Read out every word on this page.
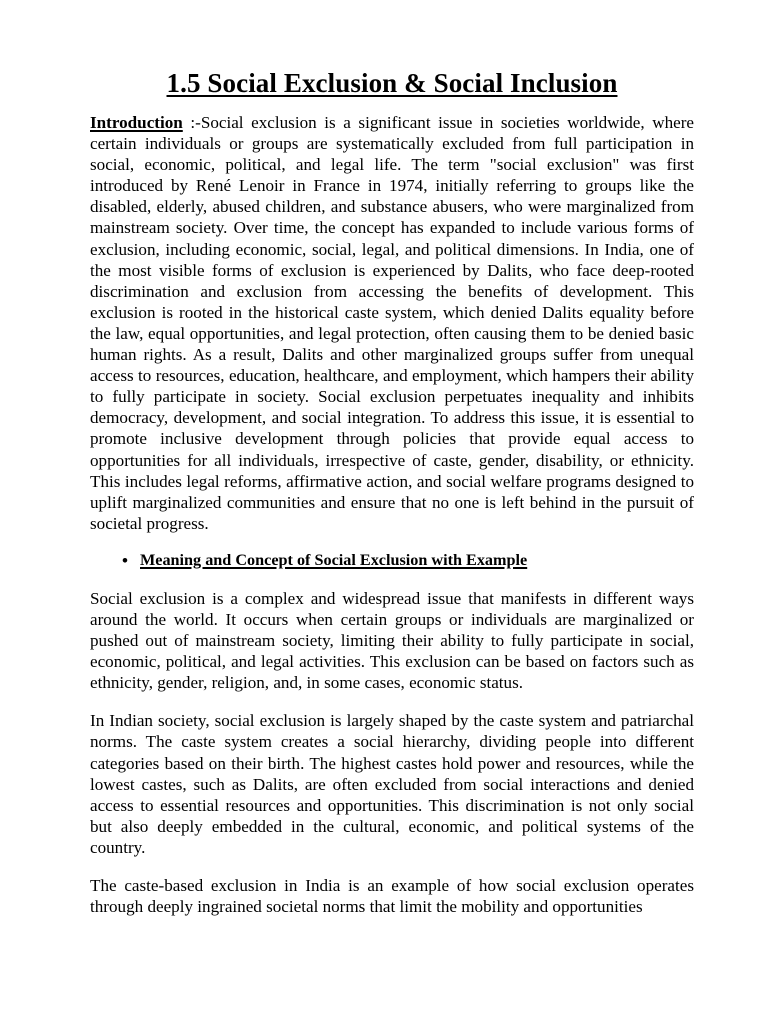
1.5 Social Exclusion & Social Inclusion

Introduction :-Social exclusion is a significant issue in societies worldwide, where certain individuals or groups are systematically excluded from full participation in social, economic, political, and legal life. The term "social exclusion" was first introduced by René Lenoir in France in 1974, initially referring to groups like the disabled, elderly, abused children, and substance abusers, who were marginalized from mainstream society. Over time, the concept has expanded to include various forms of exclusion, including economic, social, legal, and political dimensions. In India, one of the most visible forms of exclusion is experienced by Dalits, who face deep-rooted discrimination and exclusion from accessing the benefits of development. This exclusion is rooted in the historical caste system, which denied Dalits equality before the law, equal opportunities, and legal protection, often causing them to be denied basic human rights. As a result, Dalits and other marginalized groups suffer from unequal access to resources, education, healthcare, and employment, which hampers their ability to fully participate in society. Social exclusion perpetuates inequality and inhibits democracy, development, and social integration. To address this issue, it is essential to promote inclusive development through policies that provide equal access to opportunities for all individuals, irrespective of caste, gender, disability, or ethnicity. This includes legal reforms, affirmative action, and social welfare programs designed to uplift marginalized communities and ensure that no one is left behind in the pursuit of societal progress.

• Meaning and Concept of Social Exclusion with Example

Social exclusion is a complex and widespread issue that manifests in different ways around the world. It occurs when certain groups or individuals are marginalized or pushed out of mainstream society, limiting their ability to fully participate in social, economic, political, and legal activities. This exclusion can be based on factors such as ethnicity, gender, religion, and, in some cases, economic status.

In Indian society, social exclusion is largely shaped by the caste system and patriarchal norms. The caste system creates a social hierarchy, dividing people into different categories based on their birth. The highest castes hold power and resources, while the lowest castes, such as Dalits, are often excluded from social interactions and denied access to essential resources and opportunities. This discrimination is not only social but also deeply embedded in the cultural, economic, and political systems of the country.

The caste-based exclusion in India is an example of how social exclusion operates through deeply ingrained societal norms that limit the mobility and opportunities
